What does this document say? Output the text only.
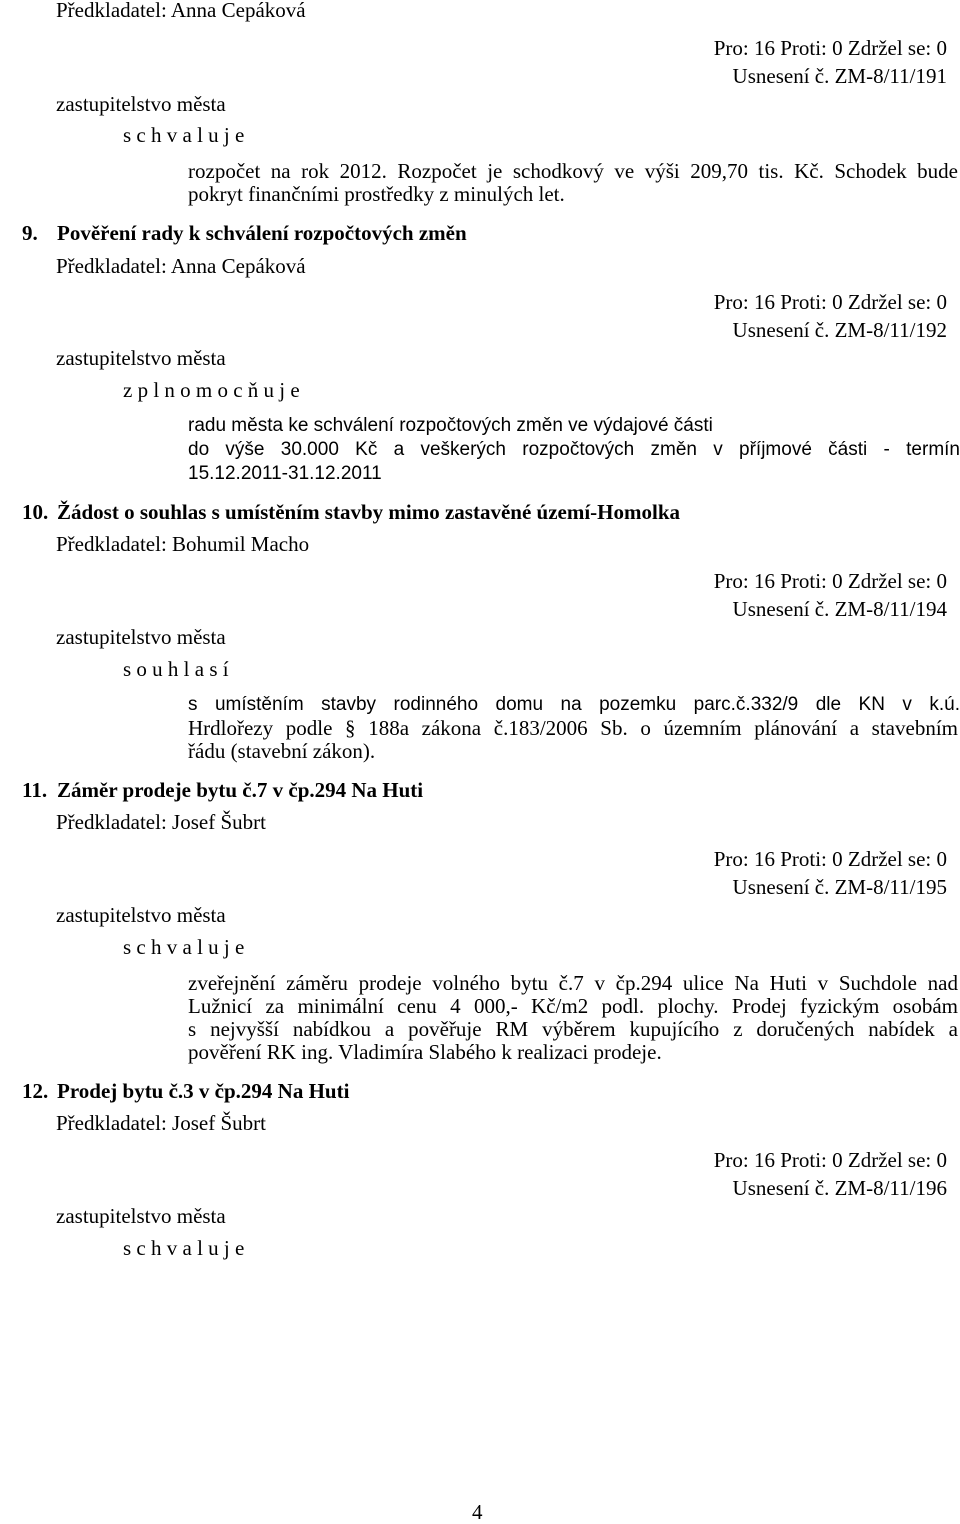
Předkladatel: Anna Cepáková
Pro: 16 Proti: 0 Zdržel se: 0
Usnesení č. ZM-8/11/191
zastupitelstvo města
s c h v a l u j e
rozpočet na rok 2012. Rozpočet je schodkový ve výši 209,70 tis. Kč. Schodek bude
pokryt finančními prostředky z minulých let.
9. Pověření rady k schválení rozpočtových změn
Předkladatel: Anna Cepáková
Pro: 16 Proti: 0 Zdržel se: 0
Usnesení č. ZM-8/11/192
zastupitelstvo města
z p l n o m o c ň u j e
radu města ke schválení rozpočtových změn ve výdajové části
do výše 30.000 Kč a veškerých rozpočtových změn v příjmové části - termín
15.12.2011-31.12.2011
10. Žádost o souhlas s umístěním stavby mimo zastavěné území-Homolka
Předkladatel: Bohumil Macho
Pro: 16 Proti: 0 Zdržel se: 0
Usnesení č. ZM-8/11/194
zastupitelstvo města
s o u h l a s í
s umístěním stavby rodinného domu na pozemku parc.č.332/9 dle KN v k.ú.
Hrdlořezy podle § 188a zákona č.183/2006 Sb. o územním plánování a stavebním
řádu (stavební zákon).
11. Záměr prodeje bytu č.7 v čp.294 Na Huti
Předkladatel: Josef Šubrt
Pro: 16 Proti: 0 Zdržel se: 0
Usnesení č. ZM-8/11/195
zastupitelstvo města
s c h v a l u j e
zveřejnění záměru prodeje volného bytu č.7 v čp.294 ulice Na Huti v Suchdole nad
Lužnicí za minimální cenu 4 000,- Kč/m2 podl. plochy. Prodej fyzickým osobám
s nejvyšší nabídkou a pověřuje RM výběrem kupujícího z doručených nabídek a
pověření RK ing. Vladimíra Slabého k realizaci prodeje.
12. Prodej bytu č.3 v čp.294 Na Huti
Předkladatel: Josef Šubrt
Pro: 16 Proti: 0 Zdržel se: 0
Usnesení č. ZM-8/11/196
zastupitelstvo města
s c h v a l u j e
4
